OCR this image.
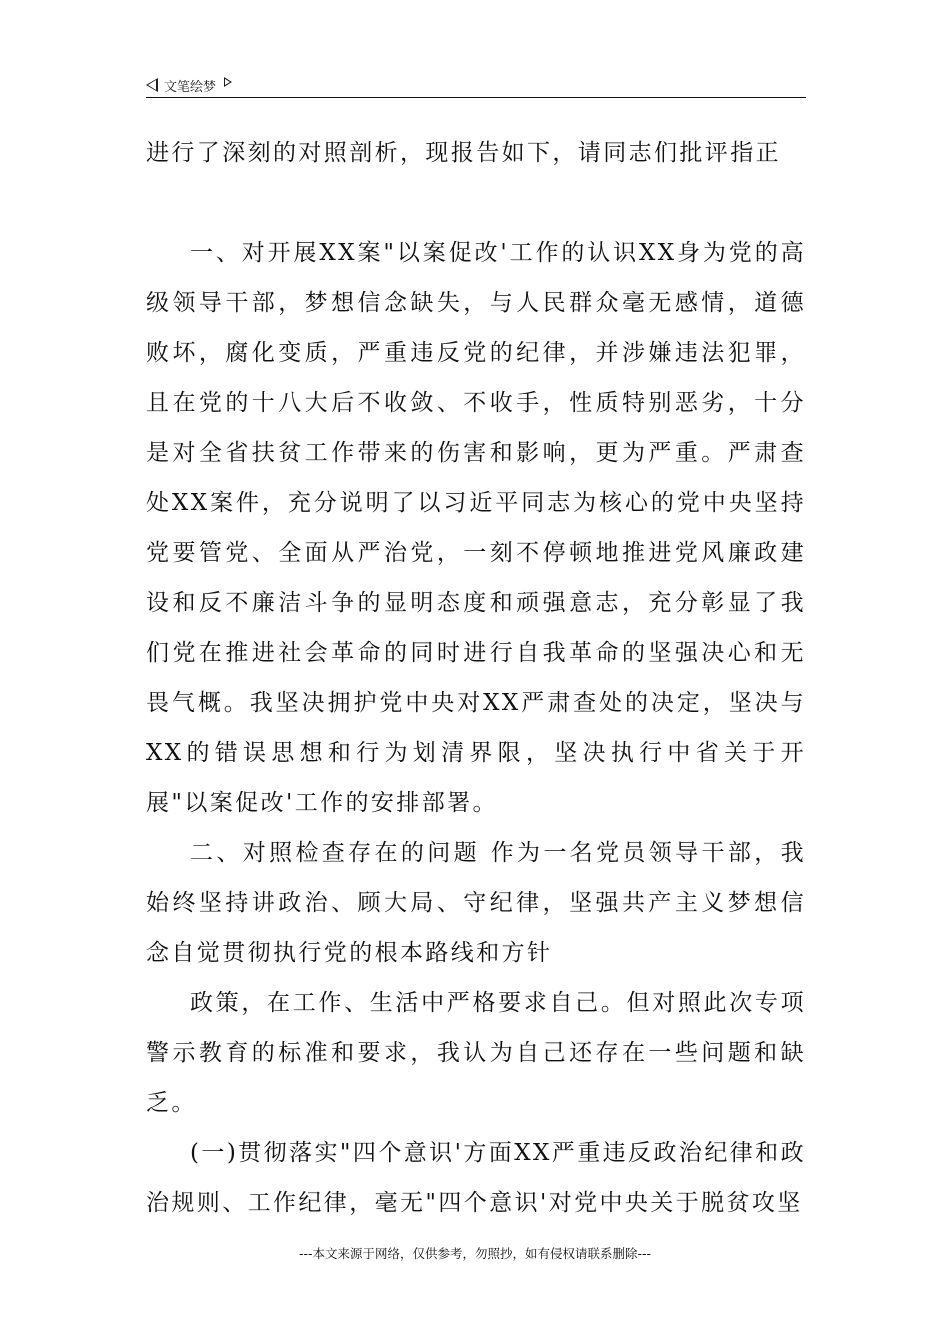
文笔绘梦

进行了深刻的对照剖析，现报告如下，请同志们批评指正

一、对开展XX案"以案促改'工作的认识XX身为党的高级领导干部，梦想信念缺失，与人民群众毫无感情，道德败坏，腐化变质，严重违反党的纪律，并涉嫌违法犯罪，且在党的十八大后不收敛、不收手，性质特别恶劣，十分是对全省扶贫工作带来的伤害和影响，更为严重。严肃查处XX案件，充分说明了以习近平同志为核心的党中央坚持党要管党、全面从严治党，一刻不停顿地推进党风廉政建设和反不廉洁斗争的显明态度和顽强意志，充分彰显了我们党在推进社会革命的同时进行自我革命的坚强决心和无畏气概。我坚决拥护党中央对XX严肃查处的决定，坚决与XX的错误思想和行为划清界限，坚决执行中省关于开展"以案促改'工作的安排部署。

二、对照检查存在的问题 作为一名党员领导干部，我始终坚持讲政治、顾大局、守纪律，坚强共产主义梦想信念自觉贯彻执行党的根本路线和方针

政策，在工作、生活中严格要求自己。但对照此次专项警示教育的标准和要求，我认为自己还存在一些问题和缺乏。

(一)贯彻落实"四个意识'方面XX严重违反政治纪律和政治规则、工作纪律，毫无"四个意识'对党中央关于脱贫攻坚

---本文来源于网络，仅供参考，勿照抄，如有侵权请联系删除---
